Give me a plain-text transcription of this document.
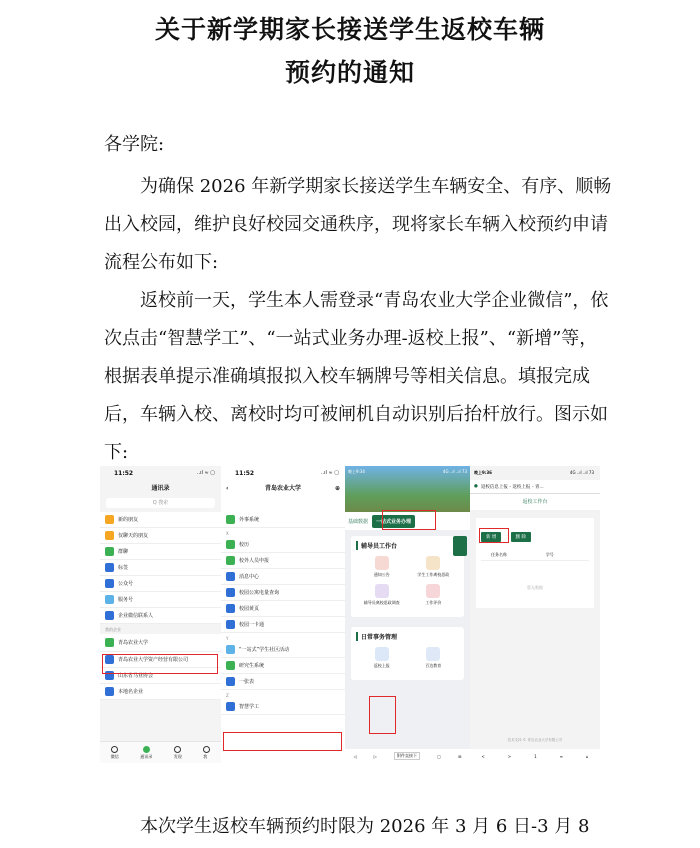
关于新学期家长接送学生返校车辆
预约的通知
各学院:
为确保 2026 年新学期家长接送学生车辆安全、有序、顺畅出入校园，维护良好校园交通秩序，现将家长车辆入校预约申请流程公布如下:
返校前一天，学生本人需登录“青岛农业大学企业微信”，依次点击“智慧学工”、“一站式业务办理-返校上报”、“新增”等，根据表单提示准确填报拟入校车辆牌号等相关信息。填报完成后，车辆入校、离校时均可被闸机自动识别后抬杆放行。图示如下:
11:52	..ıl ≈ ▢
通讯录
Q 搜索
新的朋友
仅聊天的朋友
群聊
标签
公众号
服务号
企业微信联系人
我的企业
青岛农业大学
青岛农业大学资产经营有限公司
山东省马业协会
本地名企业
微信	通讯录	发现	我
11:52	..ıl ≈ ▢
‹	青岛农业大学	⊕
外事系统
X
校历
校外人员申报
消息中心
校园公寓电量查询
校园黄页
校园一卡通
Y
“一站式”学生社区活动
研究生系统
一张表
Z
智慧学工
晚上9:34	4G ..ıl ..ıl 73
基础数据	一站式业务办理
辅导员工作台
通知公告	学生工作离校思政
辅导员离校思政调查	工作评价
日常事务管理
返校上报	百边教育
◁	▷	附件直接下	▢	⊞
晚上9:36	4G ..ıl ..ıl 73
● 返校信息上报 - 返校上报 - 青...
返校工作台
新 增	删 除
任务名称	学号
暂无数据
技术支持 © 青岛农业大学有限公司
<	>	1	≡	⌂
本次学生返校车辆预约时限为 2026 年 3 月 6 日-3 月 8
